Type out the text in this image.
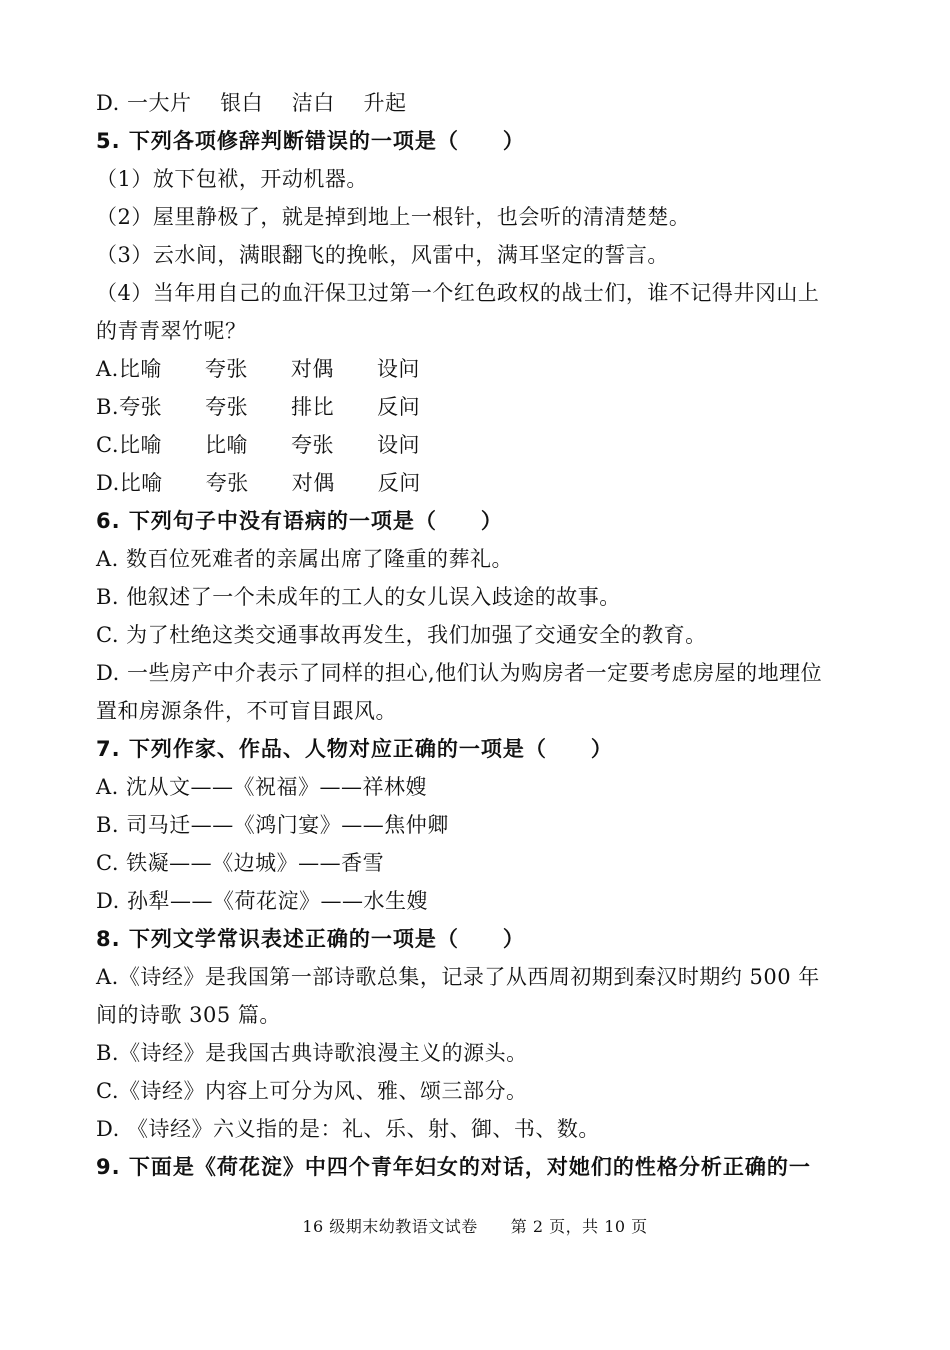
D. 一大片　 银白　 洁白　 升起
5. 下列各项修辞判断错误的一项是（　　）
（1）放下包袱，开动机器。
（2）屋里静极了，就是掉到地上一根针，也会听的清清楚楚。
（3）云水间，满眼翻飞的挽帐，风雷中，满耳坚定的誓言。
（4）当年用自己的血汗保卫过第一个红色政权的战士们，谁不记得井冈山上
的青青翠竹呢？
A.比喻　　夸张　　对偶　　设问
B.夸张　　夸张　　排比　　反问
C.比喻　　比喻　　夸张　　设问
D.比喻　　夸张　　对偶　　反问
6. 下列句子中没有语病的一项是（　　）
A. 数百位死难者的亲属出席了隆重的葬礼。
B. 他叙述了一个未成年的工人的女儿误入歧途的故事。
C. 为了杜绝这类交通事故再发生，我们加强了交通安全的教育。
D. 一些房产中介表示了同样的担心,他们认为购房者一定要考虑房屋的地理位
置和房源条件，不可盲目跟风。
7. 下列作家、作品、人物对应正确的一项是（　　）
A. 沈从文——《祝福》——祥林嫂
B. 司马迁——《鸿门宴》——焦仲卿
C. 铁凝——《边城》——香雪
D. 孙犁——《荷花淀》——水生嫂
8. 下列文学常识表述正确的一项是（　　）
A.《诗经》是我国第一部诗歌总集，记录了从西周初期到秦汉时期约 500 年
间的诗歌 305 篇。
B.《诗经》是我国古典诗歌浪漫主义的源头。
C.《诗经》内容上可分为风、雅、颂三部分。
D. 《诗经》六义指的是：礼、乐、射、御、书、数。
9. 下面是《荷花淀》中四个青年妇女的对话，对她们的性格分析正确的一
16 级期末幼教语文试卷　　第 2 页，共 10 页
